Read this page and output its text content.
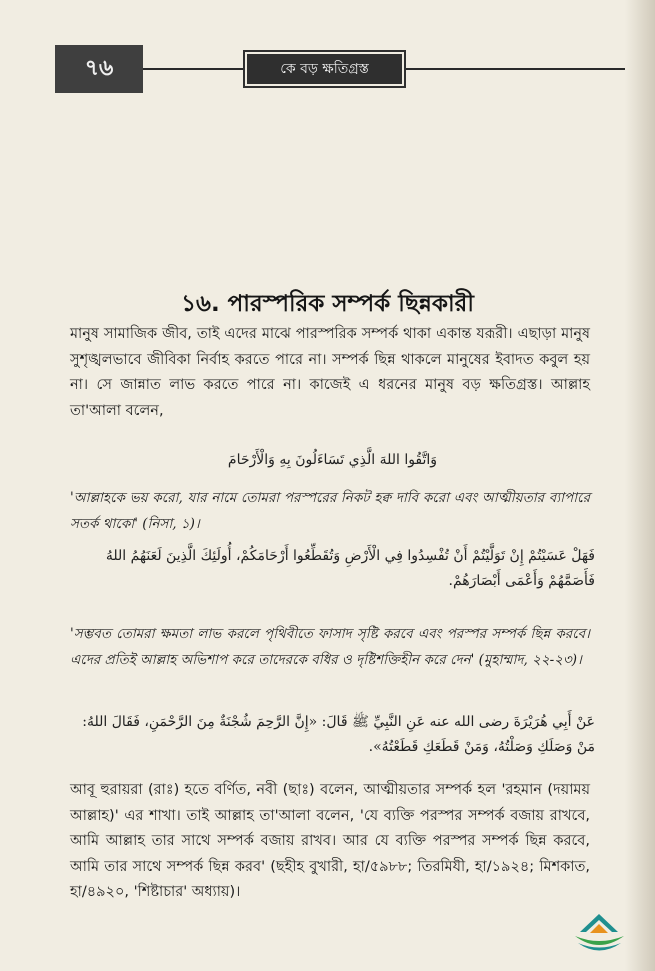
৭৬	কে বড় ক্ষতিগ্রস্ত
১৬. পারস্পরিক সম্পর্ক ছিন্নকারী
মানুষ সামাজিক জীব, তাই এদের মাঝে পারস্পরিক সম্পর্ক থাকা একান্ত যরূরী। এছাড়া মানুষ সুশৃঙ্খলভাবে জীবিকা নির্বাহ করতে পারে না। সম্পর্ক ছিন্ন থাকলে মানুষের ইবাদত কবুল হয় না। সে জান্নাত লাভ করতে পারে না। কাজেই এ ধরনের মানুষ বড় ক্ষতিগ্রস্ত। আল্লাহ তা'আলা বলেন,
وَاتَّقُوا اللهَ الَّذِي تَسَاءَلُونَ بِهِ وَالْأَرْحَامَ
'আল্লাহকে ভয় করো, যার নামে তোমরা পরস্পরের নিকট হক্ব দাবি করো এবং আত্মীয়তার ব্যাপারে সতর্ক থাকো' (নিসা, ১)।
فَهَلْ عَسَيْتُمْ إِنْ تَوَلَّيْتُمْ أَنْ تُفْسِدُوا فِي الْأَرْضِ وَتُقَطِّعُوا أَرْحَامَكُمْ، أُولَئِكَ الَّذِينَ لَعَنَهُمُ اللهُ فَأَصَمَّهُمْ وَأَعْمَى أَبْصَارَهُمْ.
'সম্ভবত তোমরা ক্ষমতা লাভ করলে পৃথিবীতে ফাসাদ সৃষ্টি করবে এবং পরস্পর সম্পর্ক ছিন্ন করবে। এদের প্রতিই আল্লাহ অভিশাপ করে তাদেরকে বধির ও দৃষ্টিশক্তিহীন করে দেন' (মুহাম্মাদ, ২২-২৩)।
عَنْ أَبِي هُرَيْرَةَ رضى الله عنه عَنِ النَّبِيِّ ﷺ قَالَ: «إِنَّ الرَّحِمَ شُجْنَةٌ مِنَ الرَّحْمَنِ، فَقَالَ اللهُ: مَنْ وَصَلَكِ وَصَلْتُهُ، وَمَنْ قَطَعَكِ قَطَعْتُهُ».
আবূ হুরায়রা (রাঃ) হতে বর্ণিত, নবী (ছাঃ) বলেন, আত্মীয়তার সম্পর্ক হল 'রহমান (দয়াময় আল্লাহ)' এর শাখা। তাই আল্লাহ তা'আলা বলেন, 'যে ব্যক্তি পরস্পর সম্পর্ক বজায় রাখবে, আমি আল্লাহ তার সাথে সম্পর্ক বজায় রাখব। আর যে ব্যক্তি পরস্পর সম্পর্ক ছিন্ন করবে, আমি তার সাথে সম্পর্ক ছিন্ন করব' (ছহীহ বুখারী, হা/৫৯৮৮; তিরমিযী, হা/১৯২৪; মিশকাত, হা/৪৯২০, 'শিষ্টাচার' অধ্যায়)।
